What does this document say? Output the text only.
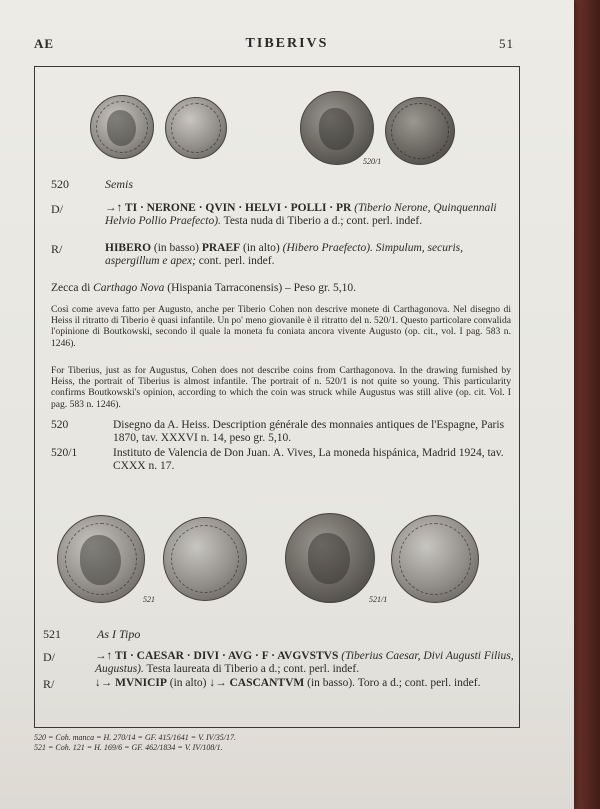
AE	TIBERIVS	51
520/1
520	Semis
D/	→↑ TI · NERONE · QVIN · HELVI · POLLI · PR (Tiberio Nerone, Quinquennali Helvio Pollio Praefecto). Testa nuda di Tiberio a d.; cont. perl. indef.
R/	HIBERO (in basso) PRAEF (in alto) (Hibero Praefecto). Simpulum, securis, aspergillum e apex; cont. perl. indef.
Zecca di Carthago Nova (Hispania Tarraconensis) – Peso gr. 5,10.
Così come aveva fatto per Augusto, anche per Tiberio Cohen non descrive monete di Carthagonova. Nel disegno di Heiss il ritratto di Tiberio è quasi infantile. Un po' meno giovanile è il ritratto del n. 520/1. Questo particolare convalida l'opinione di Boutkowski, secondo il quale la moneta fu coniata ancora vivente Augusto (op. cit., vol. I pag. 583 n. 1246).
For Tiberius, just as for Augustus, Cohen does not describe coins from Carthagonova. In the drawing furnished by Heiss, the portrait of Tiberius is almost infantile. The portrait of n. 520/1 is not quite so young. This particularity confirms Boutkowski's opinion, according to which the coin was struck while Augustus was still alive (op. cit. Vol. I pag. 583 n. 1246).
520	Disegno da A. Heiss. Description générale des monnaies antiques de l'Espagne, Paris 1870, tav. XXXVI n. 14, peso gr. 5,10.
520/1	Instituto de Valencia de Don Juan. A. Vives, La moneda hispánica, Madrid 1924, tav. CXXX n. 17.
521	521/1
521	As I Tipo
D/	→↑ TI · CAESAR · DIVI · AVG · F · AVGVSTVS (Tiberius Caesar, Divi Augusti Filius, Augustus). Testa laureata di Tiberio a d.; cont. perl. indef.
R/	↓→ MVNICIP (in alto) ↓→ CASCANTVM (in basso). Toro a d.; cont. perl. indef.
520 = Coh. manca = H. 270/14 = GF. 415/1641 = V. IV/35/17.
521 = Coh. 121 = H. 169/6 = GF. 462/1834 = V. IV/108/1.
